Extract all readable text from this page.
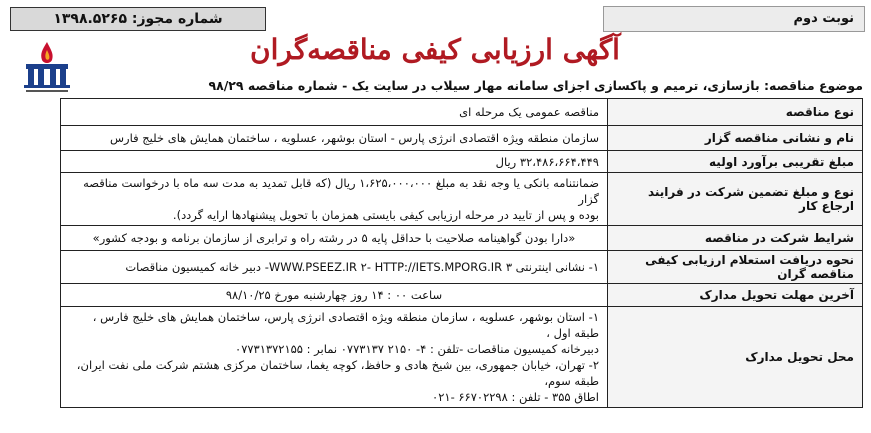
نوبت دوم
شماره مجوز: ۱۳۹۸.۵۲۶۵
آگهی ارزیابی کیفی مناقصه‌گران
موضوع مناقصه: بازسازی، ترمیم و پاکسازی اجزای سامانه مهار سیلاب در سایت یک - شماره مناقصه ۹۸/۲۹
نوع مناقصه	مناقصه عمومی یک مرحله ای

نام و نشانی مناقصه گزار	سازمان منطقه ویژه اقتصادی انرژی پارس - استان بوشهر، عسلویه ، ساختمان همایش های خلیج فارس

مبلغ تقریبی برآورد اولیه	۳۲،۴۸۶،۶۶۴،۴۴۹ ریال

نوع و مبلغ تضمین شرکت در فرایند ارجاع کار	ضمانتنامه بانکی یا وجه نقد به مبلغ ۱،۶۲۵،۰۰۰،۰۰۰ ریال (که قابل تمدید به مدت سه ماه با درخواست مناقصه گزار
بوده و پس از تایید در مرحله ارزیابی کیفی بایستی همزمان با تحویل پیشنهادها ارایه گردد).

شرایط شرکت در مناقصه	«دارا بودن گواهینامه صلاحیت با حداقل پایه ۵ در رشته راه و ترابری از سازمان برنامه و بودجه کشور»

نحوه دریافت استعلام ارزیابی کیفی مناقصه گران	۱- نشانی اینترنتی WWW.PSEEZ.IR ۲- HTTP://IETS.MPORG.IR ۳- دبیر خانه کمیسیون مناقصات

آخرین مهلت تحویل مدارک	ساعت ۰۰ : ۱۴ روز چهارشنبه مورخ ۹۸/۱۰/۲۵

محل تحویل مدارک	۱- استان بوشهر، عسلویه ، سازمان منطقه ویژه اقتصادی انرژی پارس، ساختمان همایش های خلیج فارس ، طبقه اول ،
دبیرخانه کمیسیون مناقصات -تلفن : ۴- ۲۱۵۰ ۰۷۷۳۱۳۷ نمابر : ۰۷۷۳۱۳۷۲۱۵۵
۲- تهران، خیابان جمهوری، بین شیخ هادی و حافظ، کوچه یغما، ساختمان مرکزی هشتم شرکت ملی نفت ایران، طبقه سوم،
اطاق ۳۵۵ - تلفن : ۶۶۷۰۲۲۹۸ -۰۲۱
